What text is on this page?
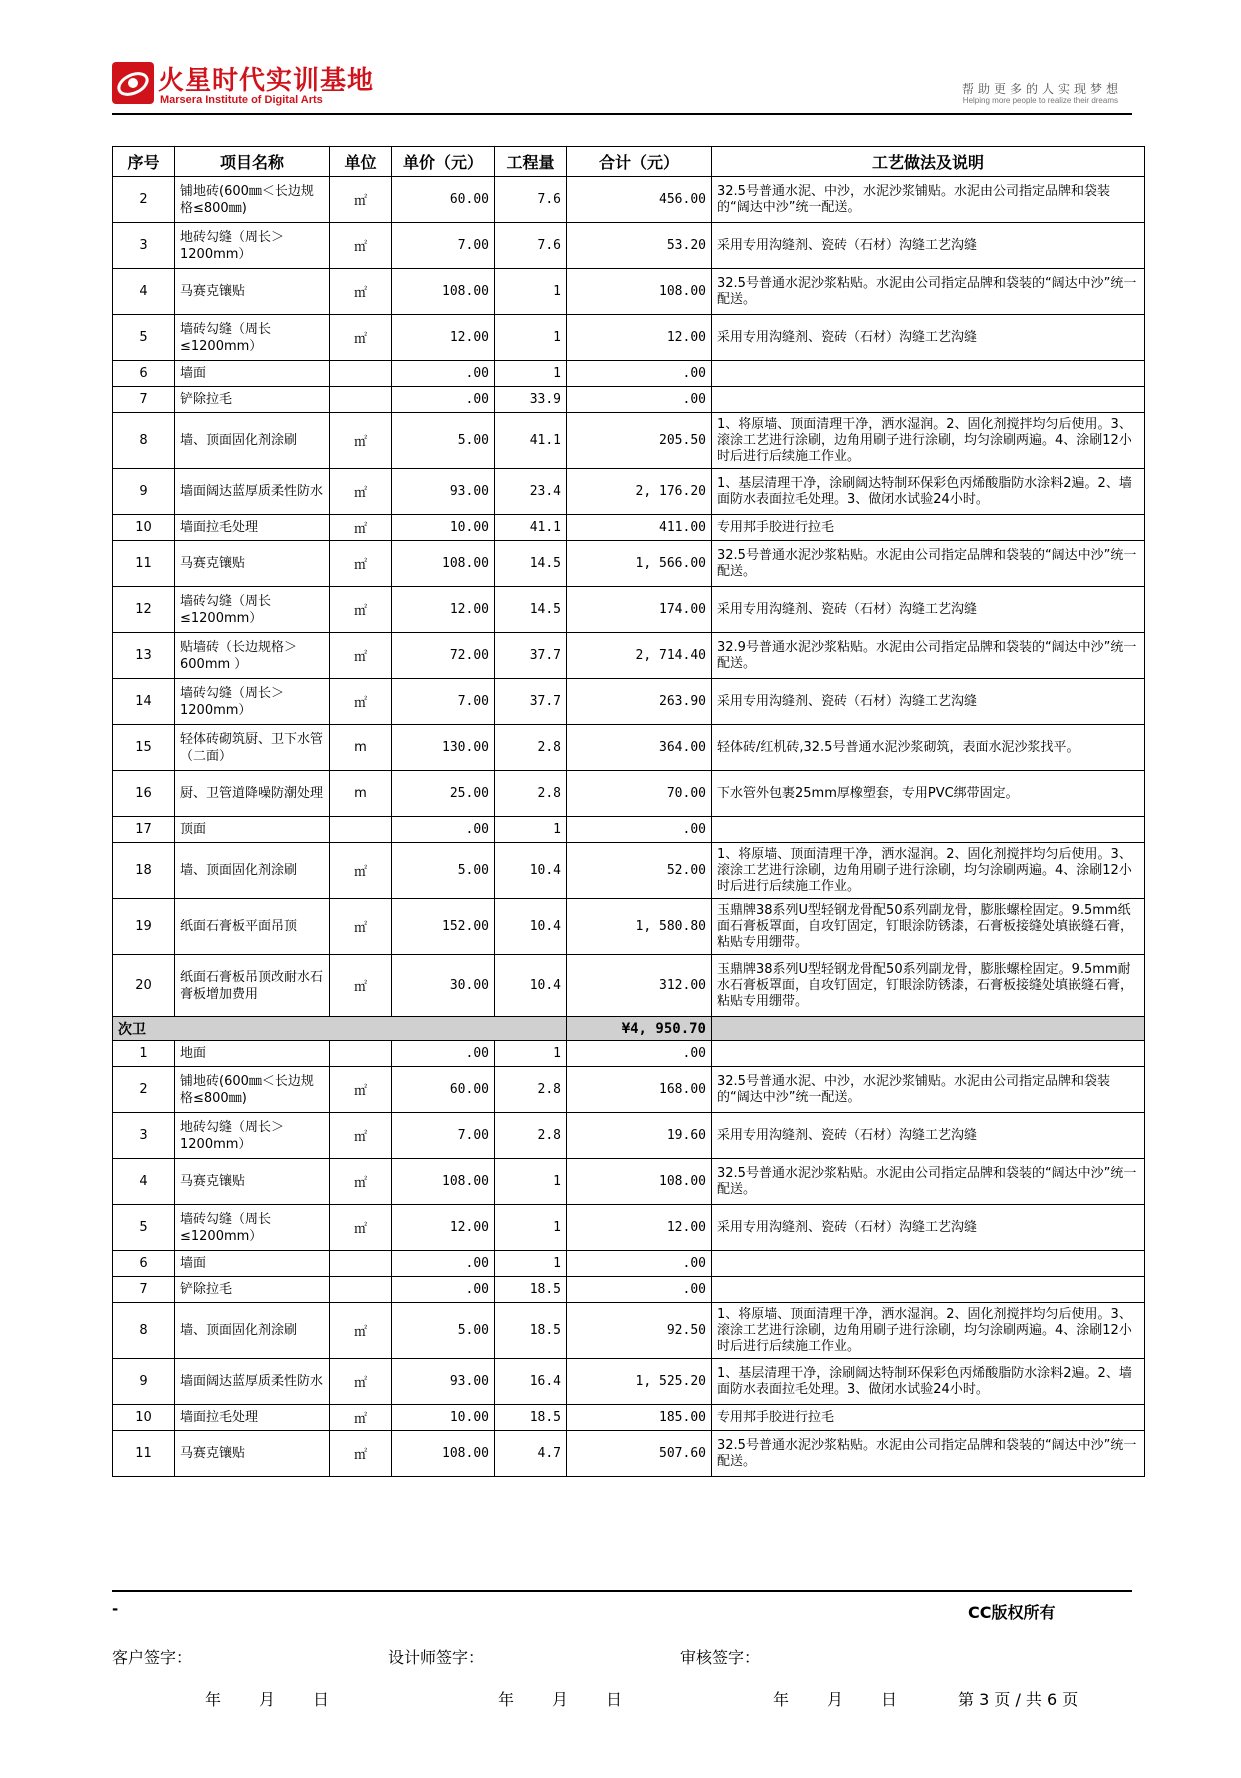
火星时代实训基地
Marsera Institute of Digital Arts
帮助更多的人实现梦想
Helping more people to realize their dreams
序号	项目名称	单位	单价（元）	工程量	合计（元）	工艺做法及说明
2	铺地砖(600㎜＜长边规格≤800㎜)	㎡	60.00	7.6	456.00	32.5号普通水泥、中沙，水泥沙浆铺贴。水泥由公司指定品牌和袋装的“阔达中沙”统一配送。
3	地砖勾缝（周长＞1200mm）	㎡	7.00	7.6	53.20	采用专用沟缝剂、瓷砖（石材）沟缝工艺沟缝
4	马赛克镶贴	㎡	108.00	1	108.00	32.5号普通水泥沙浆粘贴。水泥由公司指定品牌和袋装的“阔达中沙”统一配送。
5	墙砖勾缝（周长≤1200mm）	㎡	12.00	1	12.00	采用专用沟缝剂、瓷砖（石材）沟缝工艺沟缝
6	墙面		.00	1	.00	
7	铲除拉毛		.00	33.9	.00	
8	墙、顶面固化剂涂刷	㎡	5.00	41.1	205.50	1、将原墙、顶面清理干净，洒水湿润。2、固化剂搅拌均匀后使用。3、滚涂工艺进行涂刷，边角用刷子进行涂刷，均匀涂刷两遍。4、涂刷12小时后进行后续施工作业。
9	墙面阔达蓝厚质柔性防水	㎡	93.00	23.4	2, 176.20	1、基层清理干净，涂刷阔达特制环保彩色丙烯酸脂防水涂料2遍。2、墙面防水表面拉毛处理。3、做闭水试验24小时。
10	墙面拉毛处理	㎡	10.00	41.1	411.00	专用邦手胶进行拉毛
11	马赛克镶贴	㎡	108.00	14.5	1, 566.00	32.5号普通水泥沙浆粘贴。水泥由公司指定品牌和袋装的“阔达中沙”统一配送。
12	墙砖勾缝（周长≤1200mm）	㎡	12.00	14.5	174.00	采用专用沟缝剂、瓷砖（石材）沟缝工艺沟缝
13	贴墙砖（长边规格＞600mm ）	㎡	72.00	37.7	2, 714.40	32.9号普通水泥沙浆粘贴。水泥由公司指定品牌和袋装的“阔达中沙”统一配送。
14	墙砖勾缝（周长＞1200mm）	㎡	7.00	37.7	263.90	采用专用沟缝剂、瓷砖（石材）沟缝工艺沟缝
15	轻体砖砌筑厨、卫下水管（二面）	m	130.00	2.8	364.00	轻体砖/红机砖,32.5号普通水泥沙浆砌筑，表面水泥沙浆找平。
16	厨、卫管道降噪防潮处理	m	25.00	2.8	70.00	下水管外包裹25mm厚橡塑套，专用PVC绑带固定。
17	顶面		.00	1	.00	
18	墙、顶面固化剂涂刷	㎡	5.00	10.4	52.00	1、将原墙、顶面清理干净，洒水湿润。2、固化剂搅拌均匀后使用。3、滚涂工艺进行涂刷，边角用刷子进行涂刷，均匀涂刷两遍。4、涂刷12小时后进行后续施工作业。
19	纸面石膏板平面吊顶	㎡	152.00	10.4	1, 580.80	玉鼎牌38系列U型轻钢龙骨配50系列副龙骨，膨胀螺栓固定。9.5mm纸面石膏板罩面，自攻钉固定，钉眼涂防锈漆，石膏板接缝处填嵌缝石膏，粘贴专用绷带。
20	纸面石膏板吊顶改耐水石膏板增加费用	㎡	30.00	10.4	312.00	玉鼎牌38系列U型轻钢龙骨配50系列副龙骨，膨胀螺栓固定。9.5mm耐水石膏板罩面，自攻钉固定，钉眼涂防锈漆，石膏板接缝处填嵌缝石膏，粘贴专用绷带。
次卫					¥4, 950.70	
1	地面		.00	1	.00	
2	铺地砖(600㎜＜长边规格≤800㎜)	㎡	60.00	2.8	168.00	32.5号普通水泥、中沙，水泥沙浆铺贴。水泥由公司指定品牌和袋装的“阔达中沙”统一配送。
3	地砖勾缝（周长＞1200mm）	㎡	7.00	2.8	19.60	采用专用沟缝剂、瓷砖（石材）沟缝工艺沟缝
4	马赛克镶贴	㎡	108.00	1	108.00	32.5号普通水泥沙浆粘贴。水泥由公司指定品牌和袋装的“阔达中沙”统一配送。
5	墙砖勾缝（周长≤1200mm）	㎡	12.00	1	12.00	采用专用沟缝剂、瓷砖（石材）沟缝工艺沟缝
6	墙面		.00	1	.00	
7	铲除拉毛		.00	18.5	.00	
8	墙、顶面固化剂涂刷	㎡	5.00	18.5	92.50	1、将原墙、顶面清理干净，洒水湿润。2、固化剂搅拌均匀后使用。3、滚涂工艺进行涂刷，边角用刷子进行涂刷，均匀涂刷两遍。4、涂刷12小时后进行后续施工作业。
9	墙面阔达蓝厚质柔性防水	㎡	93.00	16.4	1, 525.20	1、基层清理干净，涂刷阔达特制环保彩色丙烯酸脂防水涂料2遍。2、墙面防水表面拉毛处理。3、做闭水试验24小时。
10	墙面拉毛处理	㎡	10.00	18.5	185.00	专用邦手胶进行拉毛
11	马赛克镶贴	㎡	108.00	4.7	507.60	32.5号普通水泥沙浆粘贴。水泥由公司指定品牌和袋装的“阔达中沙”统一配送。
-	CC版权所有
客户签字：	设计师签字：	审核签字：
年　　月　　日	年　　月　　日	年　　月　　日	第 3 页 / 共 6 页
